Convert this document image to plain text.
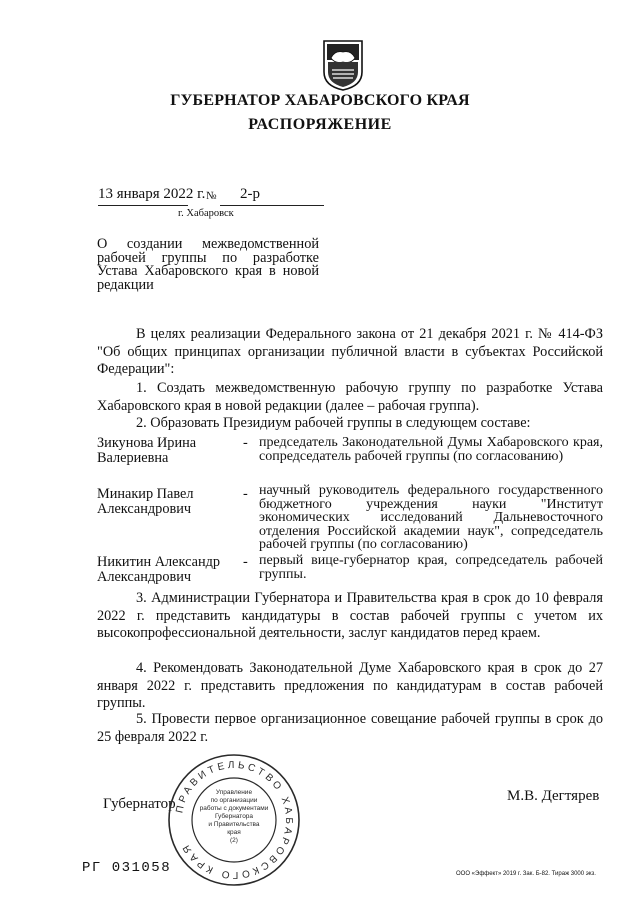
ГУБЕРНАТОР ХАБАРОВСКОГО КРАЯ
РАСПОРЯЖЕНИЕ
13 января 2022 г. № 2-р
г. Хабаровск
О создании межведомственной рабочей группы по разработке Устава Хабаровского края в новой редакции
В целях реализации Федерального закона от 21 декабря 2021 г. № 414-ФЗ "Об общих принципах организации публичной власти в субъектах Российской Федерации":
1. Создать межведомственную рабочую группу по разработке Устава Хабаровского края в новой редакции (далее – рабочая группа).
2. Образовать Президиум рабочей группы в следующем составе:
Зикунова Ирина Валериевна
- председатель Законодательной Думы Хабаровского края, сопредседатель рабочей группы (по согласованию)
Минакир Павел Александрович
- научный руководитель федерального государственного бюджетного учреждения науки "Институт экономических исследований Дальневосточного отделения Российской академии наук", сопредседатель рабочей группы (по согласованию)
Никитин Александр Александрович
- первый вице-губернатор края, сопредседатель рабочей группы.
3. Администрации Губернатора и Правительства края в срок до 10 февраля 2022 г. представить кандидатуры в состав рабочей группы с учетом их высокопрофессиональной деятельности, заслуг кандидатов перед краем.
4. Рекомендовать Законодательной Думе Хабаровского края в срок до 27 января 2022 г. представить предложения по кандидатурам в состав рабочей группы.
5. Провести первое организационное совещание рабочей группы в срок до 25 февраля 2022 г.
Губернатор	М.В. Дегтярев
ПРАВИТЕЛЬСТВО ХАБАРОВСКОГО КРАЯ
Управление
по организации
работы с документами
Губернатора
и Правительства
края
(2)
РГ 031058	ООО «Эффект» 2019 г. Зак. Б-82. Тираж 3000 экз.
